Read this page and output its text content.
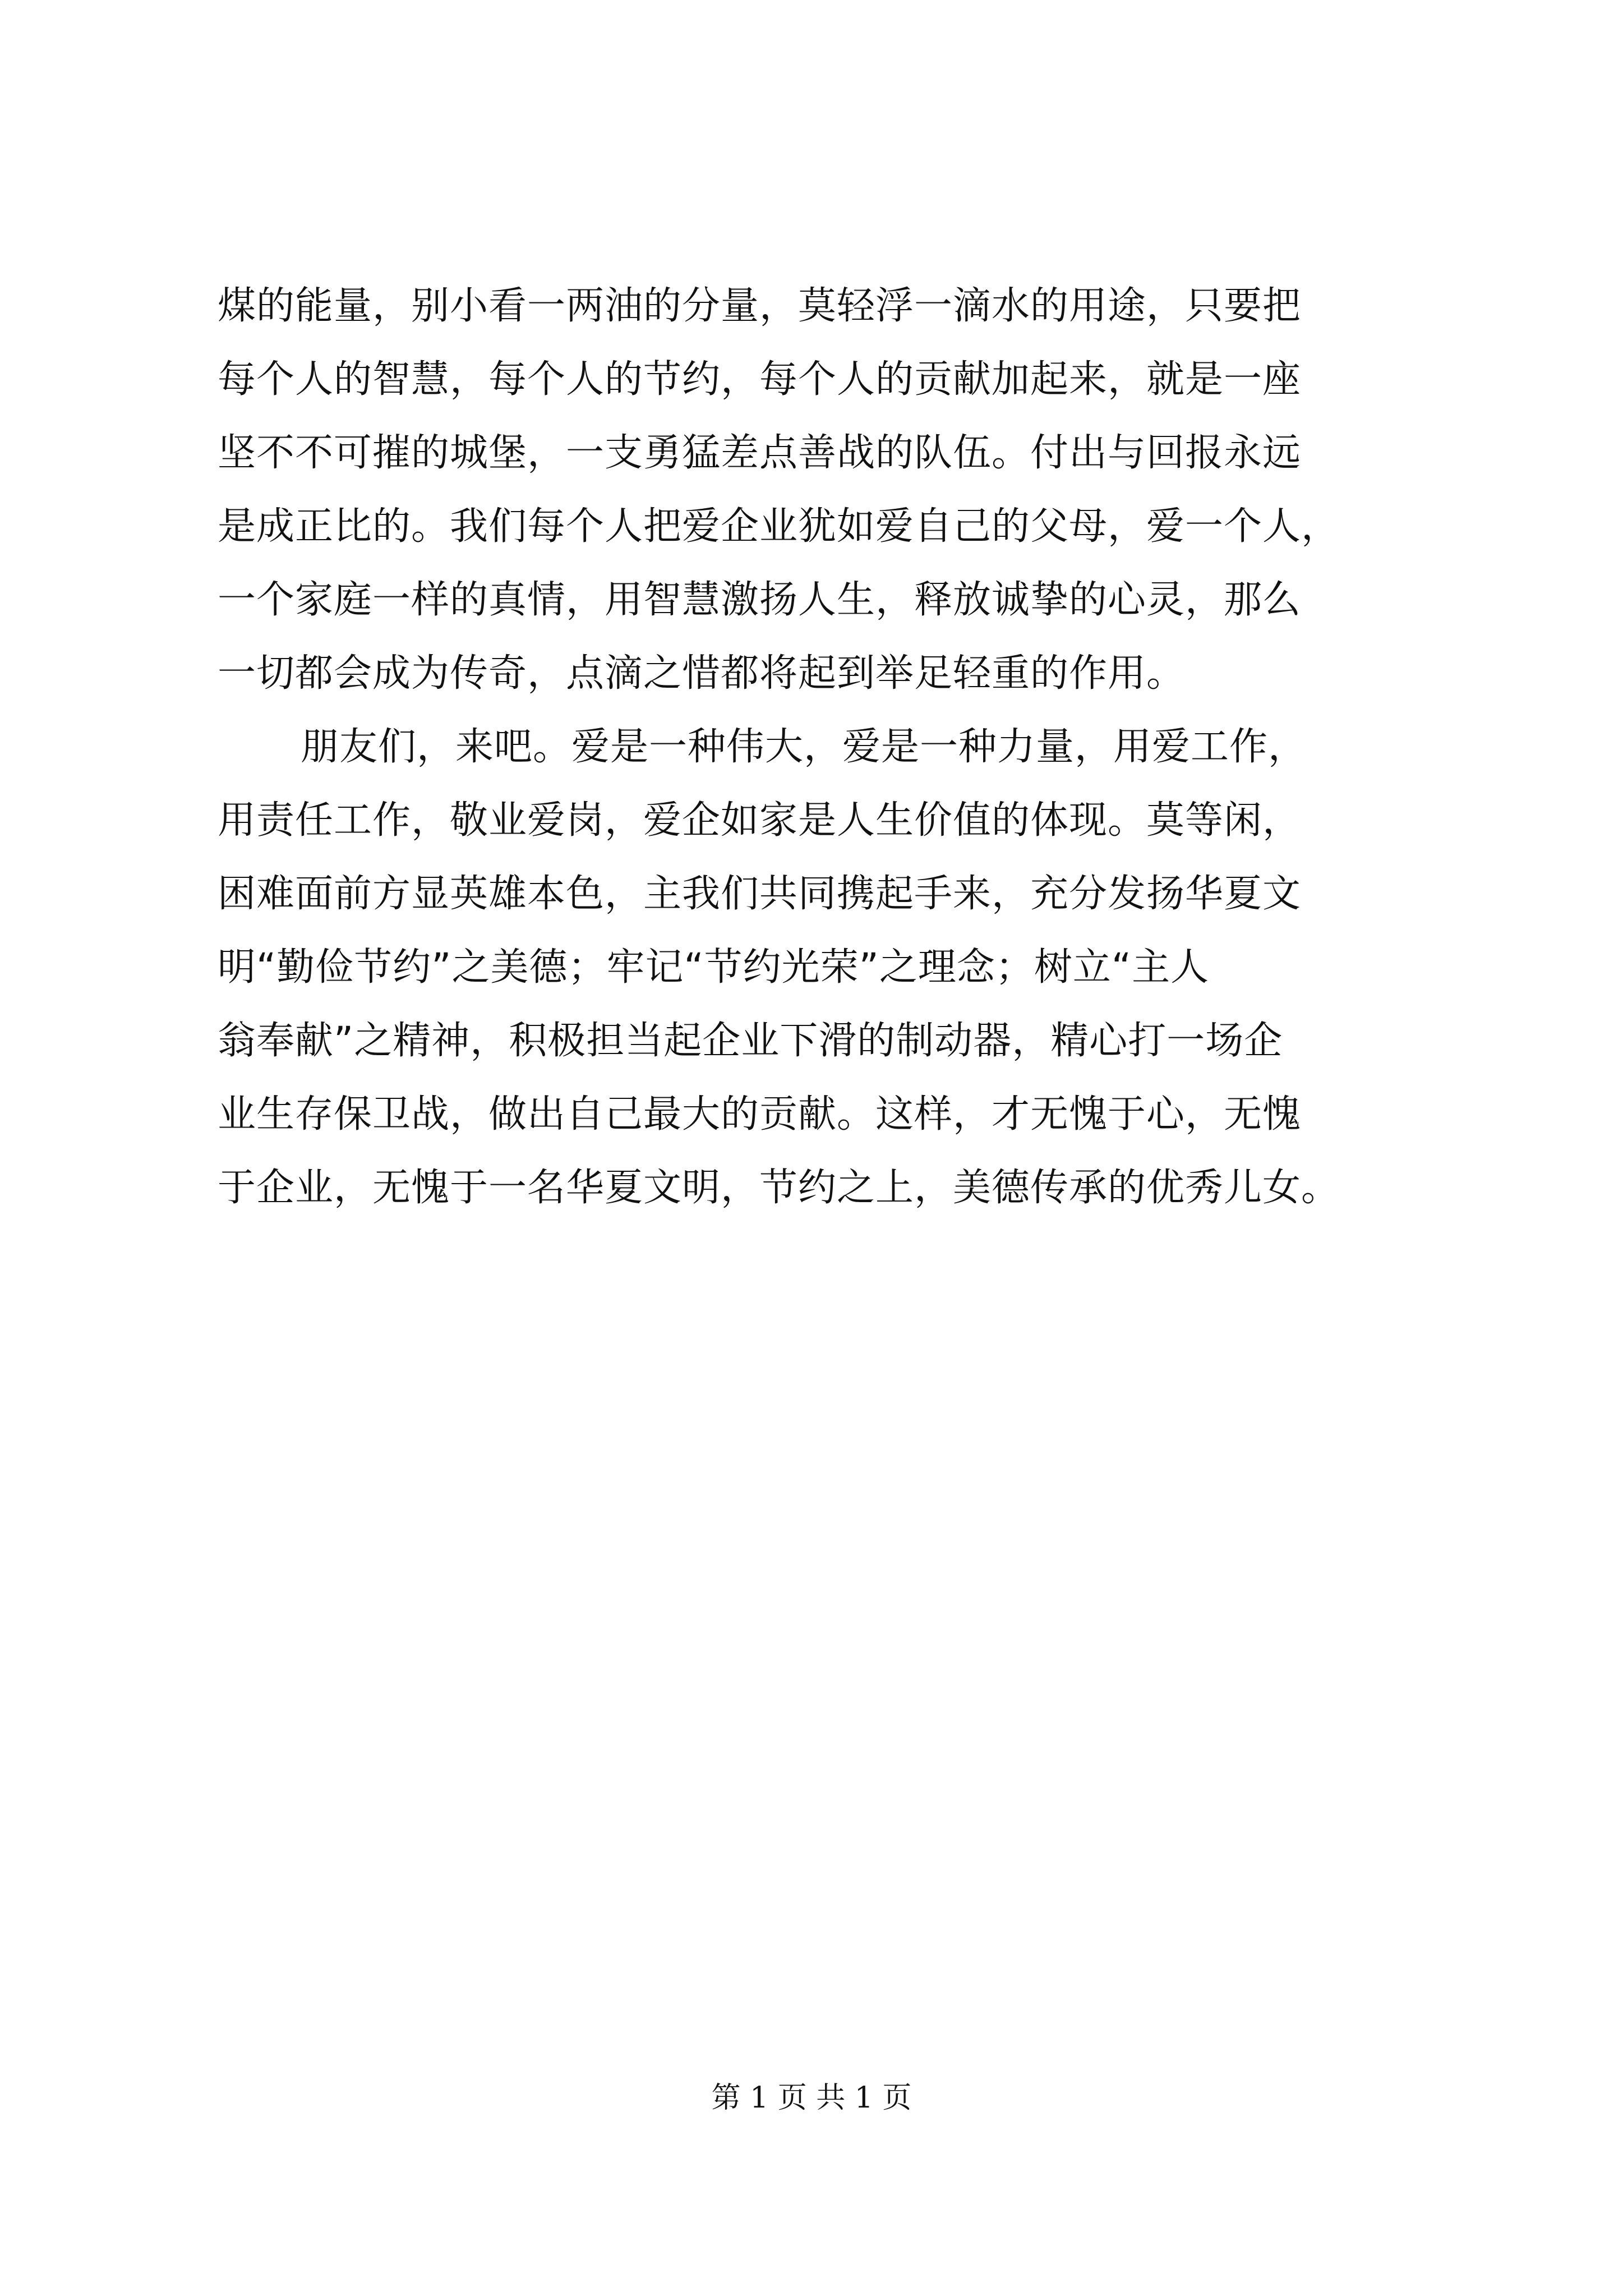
煤的能量，别小看一两油的分量，莫轻浮一滴水的用途，只要把
每个人的智慧，每个人的节约，每个人的贡献加起来，就是一座
坚不不可摧的城堡，一支勇猛差点善战的队伍。付出与回报永远
是成正比的。我们每个人把爱企业犹如爱自己的父母，爱一个人，
一个家庭一样的真情，用智慧激扬人生，释放诚挚的心灵，那么
一切都会成为传奇，点滴之惜都将起到举足轻重的作用。
朋友们，来吧。爱是一种伟大，爱是一种力量，用爱工作，
用责任工作，敬业爱岗，爱企如家是人生价值的体现。莫等闲，
困难面前方显英雄本色，主我们共同携起手来，充分发扬华夏文
明“勤俭节约”之美德；牢记“节约光荣”之理念；树立“主人
翁奉献”之精神，积极担当起企业下滑的制动器，精心打一场企
业生存保卫战，做出自己最大的贡献。这样，才无愧于心，无愧
于企业，无愧于一名华夏文明，节约之上，美德传承的优秀儿女。
第 1 页 共 1 页
